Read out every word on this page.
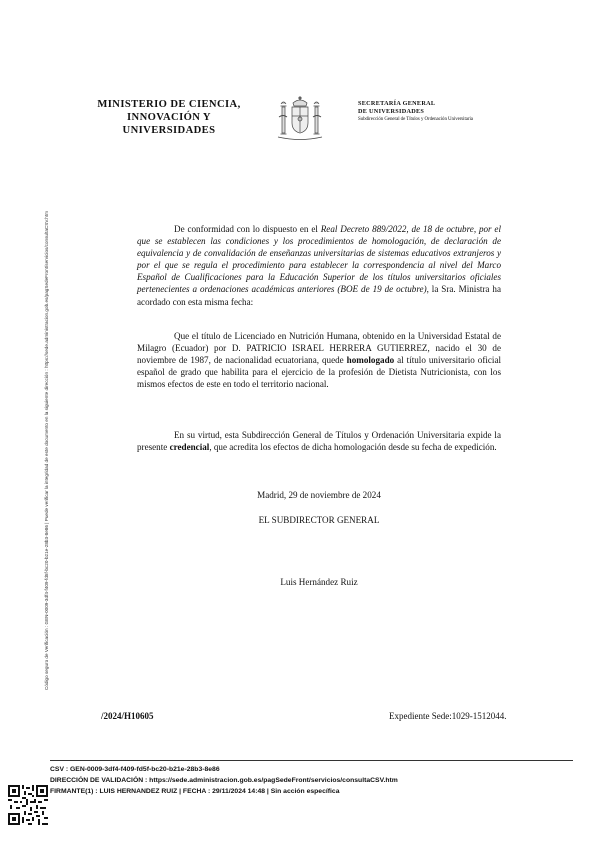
Código seguro de Verificación : GEN-0009-3df4-f409-fd5f-bc20-b21e-28b3-8e86 | Puede verificar la integridad de este documento en la siguiente dirección : https://sede.administracion.gob.es/pagSedeFront/servicios/consultaCSV.htm
MINISTERIO DE CIENCIA,
INNOVACIÓN Y
UNIVERSIDADES
SECRETARÍA GENERAL
DE UNIVERSIDADES
Subdirección General de Títulos y Ordenación Universitaria
De conformidad con lo dispuesto en el Real Decreto 889/2022, de 18 de octubre, por el que se establecen las condiciones y los procedimientos de homologación, de declaración de equivalencia y de convalidación de enseñanzas universitarias de sistemas educativos extranjeros y por el que se regula el procedimiento para establecer la correspondencia al nivel del Marco Español de Cualificaciones para la Educación Superior de los títulos universitarios oficiales pertenecientes a ordenaciones académicas anteriores (BOE de 19 de octubre), la Sra. Ministra ha acordado con esta misma fecha:
Que el título de Licenciado en Nutrición Humana, obtenido en la Universidad Estatal de Milagro (Ecuador) por D. PATRICIO ISRAEL HERRERA GUTIERREZ, nacido el 30 de noviembre de 1987, de nacionalidad ecuatoriana, quede homologado al título universitario oficial español de grado que habilita para el ejercicio de la profesión de Dietista Nutricionista, con los mismos efectos de este en todo el territorio nacional.
En su virtud, esta Subdirección General de Títulos y Ordenación Universitaria expide la presente credencial, que acredita los efectos de dicha homologación desde su fecha de expedición.
Madrid, 29 de noviembre de 2024
EL SUBDIRECTOR GENERAL
Luis Hernández Ruiz
/2024/H10605	Expediente Sede:1029-1512044.
CSV : GEN-0009-3df4-f409-fd5f-bc20-b21e-28b3-8e86
DIRECCIÓN DE VALIDACIÓN : https://sede.administracion.gob.es/pagSedeFront/servicios/consultaCSV.htm
FIRMANTE(1) : LUIS HERNANDEZ RUIZ | FECHA : 29/11/2024 14:48 | Sin acción específica
